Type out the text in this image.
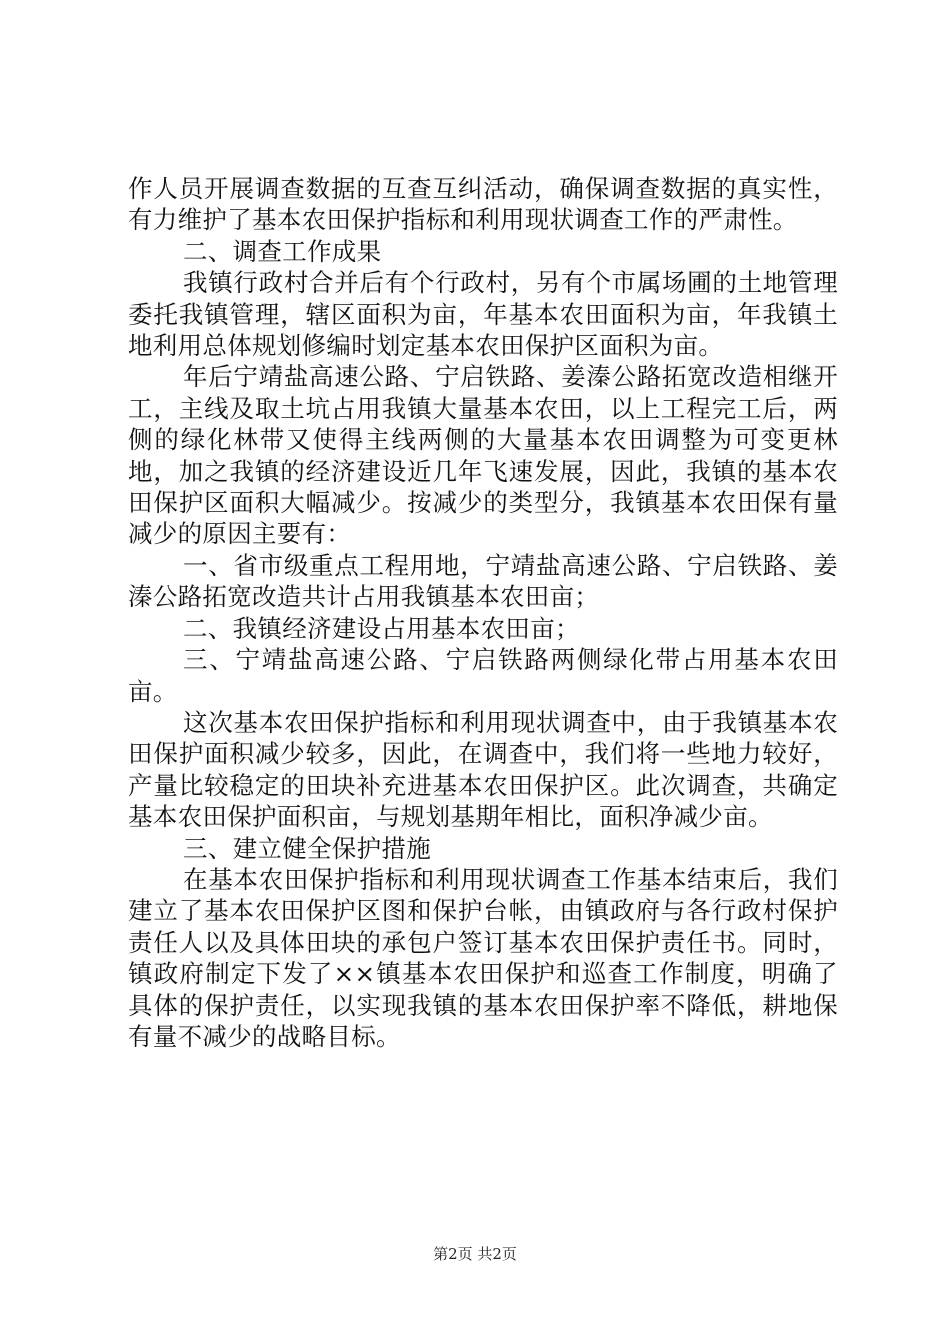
作人员开展调查数据的互查互纠活动，确保调查数据的真实性，有力维护了基本农田保护指标和利用现状调查工作的严肃性。

二、调查工作成果

我镇行政村合并后有个行政村，另有个市属场圃的土地管理委托我镇管理，辖区面积为亩，年基本农田面积为亩，年我镇土地利用总体规划修编时划定基本农田保护区面积为亩。

年后宁靖盐高速公路、宁启铁路、姜溱公路拓宽改造相继开工，主线及取土坑占用我镇大量基本农田，以上工程完工后，两侧的绿化林带又使得主线两侧的大量基本农田调整为可变更林地，加之我镇的经济建设近几年飞速发展，因此，我镇的基本农田保护区面积大幅减少。按减少的类型分，我镇基本农田保有量减少的原因主要有：

一、省市级重点工程用地，宁靖盐高速公路、宁启铁路、姜溱公路拓宽改造共计占用我镇基本农田亩；

二、我镇经济建设占用基本农田亩；

三、宁靖盐高速公路、宁启铁路两侧绿化带占用基本农田亩。

这次基本农田保护指标和利用现状调查中，由于我镇基本农田保护面积减少较多，因此，在调查中，我们将一些地力较好，产量比较稳定的田块补充进基本农田保护区。此次调查，共确定基本农田保护面积亩，与规划基期年相比，面积净减少亩。

三、建立健全保护措施

在基本农田保护指标和利用现状调查工作基本结束后，我们建立了基本农田保护区图和保护台帐，由镇政府与各行政村保护责任人以及具体田块的承包户签订基本农田保护责任书。同时，镇政府制定下发了××镇基本农田保护和巡查工作制度，明确了具体的保护责任，以实现我镇的基本农田保护率不降低，耕地保有量不减少的战略目标。

第2页 共2页
